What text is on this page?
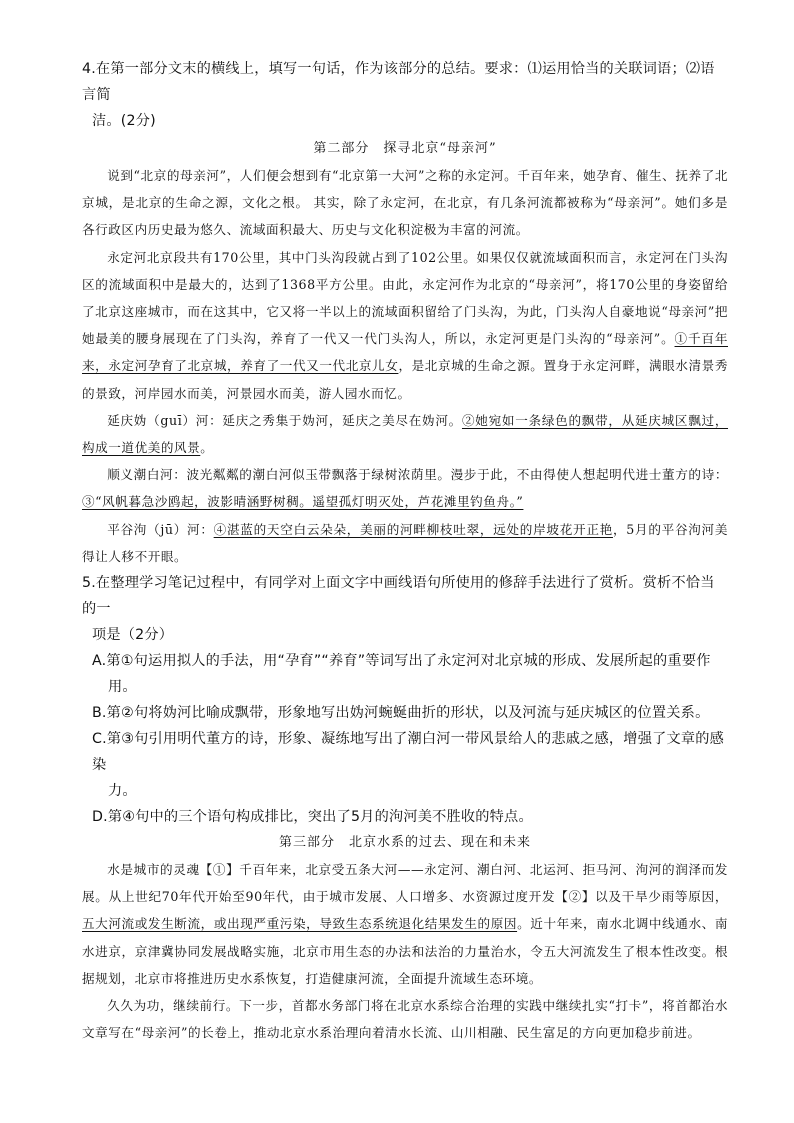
4.在第一部分文末的横线上，填写一句话，作为该部分的总结。要求：⑴运用恰当的关联词语；⑵语言简
洁。(2分)

第二部分　探寻北京“母亲河”

说到“北京的母亲河”，人们便会想到有“北京第一大河”之称的永定河。千百年来，她孕育、催生、抚养了北京城，是北京的生命之源，文化之根。 其实，除了永定河，在北京，有几条河流都被称为“母亲河”。她们多是各行政区内历史最为悠久、流域面积最大、历史与文化积淀极为丰富的河流。

永定河北京段共有170公里，其中门头沟段就占到了102公里。如果仅仅就流域面积而言，永定河在门头沟区的流域面积中是最大的，达到了1368平方公里。由此，永定河作为北京的“母亲河”，将170公里的身姿留给了北京这座城市，而在这其中，它又将一半以上的流域面积留给了门头沟，为此，门头沟人自豪地说“母亲河”把她最美的腰身展现在了门头沟，养育了一代又一代门头沟人，所以，永定河更是门头沟的“母亲河”。①千百年来，永定河孕育了北京城，养育了一代又一代北京儿女，是北京城的生命之源。置身于永定河畔，满眼水清景秀的景致，河岸园水而美，河景园水而美，游人园水而忆。

延庆妫（guī）河：延庆之秀集于妫河，延庆之美尽在妫河。②她宛如一条绿色的飘带，从延庆城区飘过，构成一道优美的风景。

顺义潮白河：波光粼粼的潮白河似玉带飘落于绿树浓荫里。漫步于此，不由得使人想起明代进士董方的诗：③“风帆暮急沙鸥起，波影晴涵野树稠。遥望孤灯明灭处，芦花滩里钓鱼舟。”

平谷泃（jū）河：④湛蓝的天空白云朵朵，美丽的河畔柳枝吐翠，远处的岸坡花开正艳，5月的平谷泃河美得让人移不开眼。

5.在整理学习笔记过程中，有同学对上面文字中画线语句所使用的修辞手法进行了赏析。赏析不恰当的一
项是（2分）

A.第①句运用拟人的手法，用“孕育”“养育”等词写出了永定河对北京城的形成、发展所起的重要作
用。

B.第②句将妫河比喻成飘带，形象地写出妫河蜿蜒曲折的形状，以及河流与延庆城区的位置关系。

C.第③句引用明代董方的诗，形象、凝练地写出了潮白河一带风景给人的悲戚之感，增强了文章的感染
力。

D.第④句中的三个语句构成排比，突出了5月的泃河美不胜收的特点。

第三部分　北京水系的过去、现在和未来

水是城市的灵魂【①】千百年来，北京受五条大河——永定河、潮白河、北运河、拒马河、泃河的润泽而发展。从上世纪70年代开始至90年代，由于城市发展、人口增多、水资源过度开发【②】以及干旱少雨等原因，五大河流或发生断流，或出现严重污染，导致生态系统退化结果发生的原因。近十年来，南水北调中线通水、南水进京，京津冀协同发展战略实施，北京市用生态的办法和法治的力量治水，令五大河流发生了根本性改变。根据规划，北京市将推进历史水系恢复，打造健康河流，全面提升流域生态环境。

久久为功，继续前行。下一步，首都水务部门将在北京水系综合治理的实践中继续扎实“打卡”，将首都治水文章写在“母亲河”的长卷上，推动北京水系治理向着清水长流、山川相融、民生富足的方向更加稳步前进。
